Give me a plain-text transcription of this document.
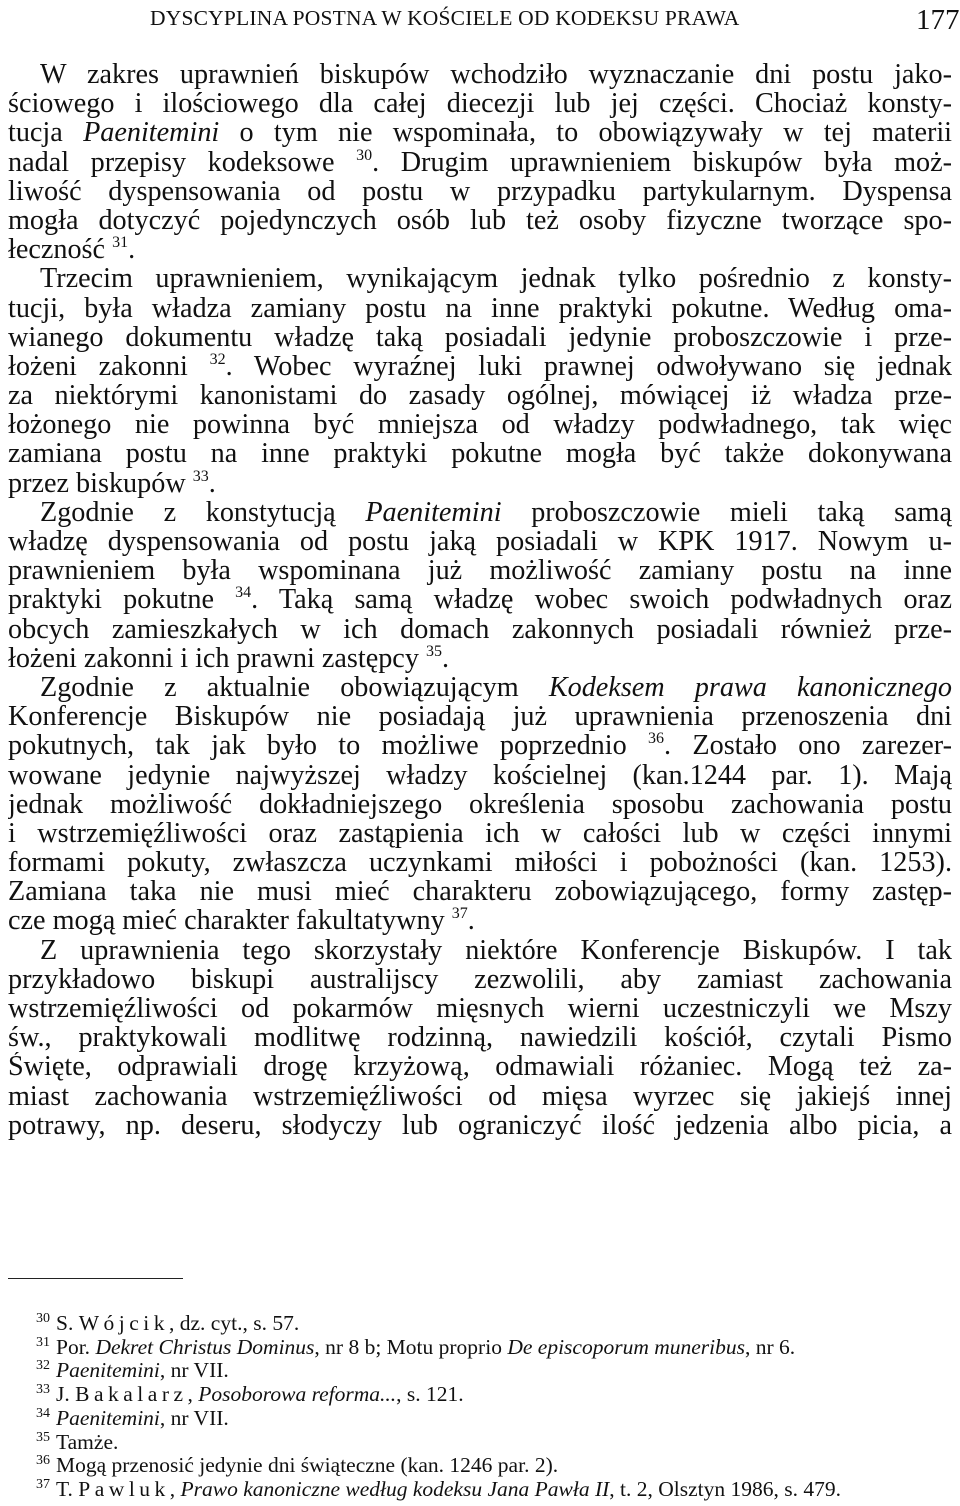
DYSCYPLINA POSTNA W KOŚCIELE OD KODEKSU PRAWA	177
W zakres uprawnień biskupów wchodziło wyznaczanie dni postu jako-
ściowego i ilościowego dla całej diecezji lub jej części. Chociaż konsty-
tucja Paenitemini o tym nie wspominała, to obowiązywały w tej materii
nadal przepisy kodeksowe $^{30}$. Drugim uprawnieniem biskupów była moż-
liwość dyspensowania od postu w przypadku partykularnym. Dyspensa
mogła dotyczyć pojedynczych osób lub też osoby fizyczne tworzące spo-
łeczność $^{31}$.
Trzecim uprawnieniem, wynikającym jednak tylko pośrednio z konsty-
tucji, była władza zamiany postu na inne praktyki pokutne. Według oma-
wianego dokumentu władzę taką posiadali jedynie proboszczowie i prze-
łożeni zakonni $^{32}$. Wobec wyraźnej luki prawnej odwoływano się jednak
za niektórymi kanonistami do zasady ogólnej, mówiącej iż władza prze-
łożonego nie powinna być mniejsza od władzy podwładnego, tak więc
zamiana postu na inne praktyki pokutne mogła być także dokonywana
przez biskupów $^{33}$.
Zgodnie z konstytucją Paenitemini proboszczowie mieli taką samą
władzę dyspensowania od postu jaką posiadali w KPK 1917. Nowym u-
prawnieniem była wspominana już możliwość zamiany postu na inne
praktyki pokutne $^{34}$. Taką samą władzę wobec swoich podwładnych oraz
obcych zamieszkałych w ich domach zakonnych posiadali również prze-
łożeni zakonni i ich prawni zastępcy $^{35}$.
Zgodnie z aktualnie obowiązującym Kodeksem prawa kanonicznego
Konferencje Biskupów nie posiadają już uprawnienia przenoszenia dni
pokutnych, tak jak było to możliwe poprzednio $^{36}$. Zostało ono zarezer-
wowane jedynie najwyższej władzy kościelnej (kan.1244 par. 1). Mają
jednak możliwość dokładniejszego określenia sposobu zachowania postu
i wstrzemięźliwości oraz zastąpienia ich w całości lub w części innymi
formami pokuty, zwłaszcza uczynkami miłości i pobożności (kan. 1253).
Zamiana taka nie musi mieć charakteru zobowiązującego, formy zastęp-
cze mogą mieć charakter fakultatywny $^{37}$.
Z uprawnienia tego skorzystały niektóre Konferencje Biskupów. I tak
przykładowo biskupi australijscy zezwolili, aby zamiast zachowania
wstrzemięźliwości od pokarmów mięsnych wierni uczestniczyli we Mszy
św., praktykowali modlitwę rodzinną, nawiedzili kościół, czytali Pismo
Święte, odprawiali drogę krzyżową, odmawiali różaniec. Mogą też za-
miast zachowania wstrzemięźliwości od mięsa wyrzec się jakiejś innej
potrawy, np. deseru, słodyczy lub ograniczyć ilość jedzenia albo picia, a
$^{30}$ S. Wójcik, dz. cyt., s. 57.
$^{31}$ Por. Dekret Christus Dominus, nr 8 b; Motu proprio De episcoporum muneribus, nr 6.
$^{32}$ Paenitemini, nr VII.
$^{33}$ J. Bakalarz, Posoborowa reforma..., s. 121.
$^{34}$ Paenitemini, nr VII.
$^{35}$ Tamże.
$^{36}$ Mogą przenosić jedynie dni świąteczne (kan. 1246 par. 2).
$^{37}$ T. Pawluk, Prawo kanoniczne według kodeksu Jana Pawła II, t. 2, Olsztyn 1986, s. 479.
